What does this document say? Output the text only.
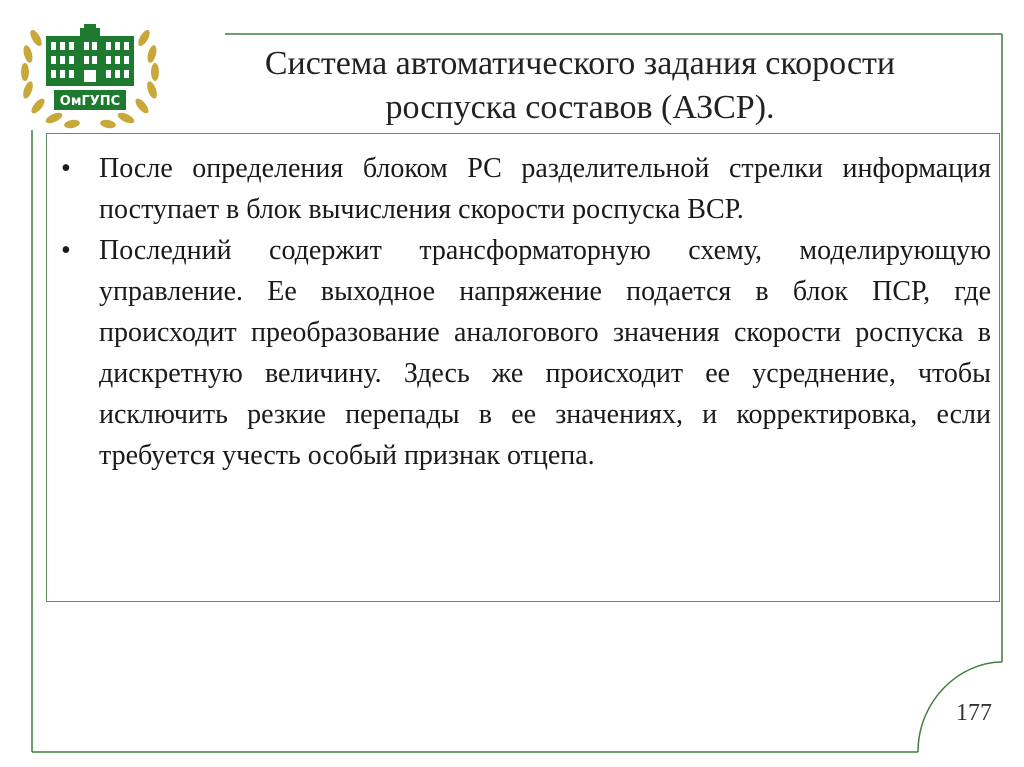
ОмГУПС
Система автоматического задания скорости
роспуска составов (АЗСР).
•	После определения блоком РС разделительной стрелки информация поступает в блок вычисления скорости роспуска ВСР.
•	Последний содержит трансформаторную схему, моделирующую управление. Ее выходное напряжение подается в блок ПСР, где происходит преобразование аналогового значения скорости роспуска в дискретную величину. Здесь же происходит ее усреднение, чтобы исключить резкие перепады в ее значениях, и корректировка, если требуется учесть особый признак отцепа.
177
